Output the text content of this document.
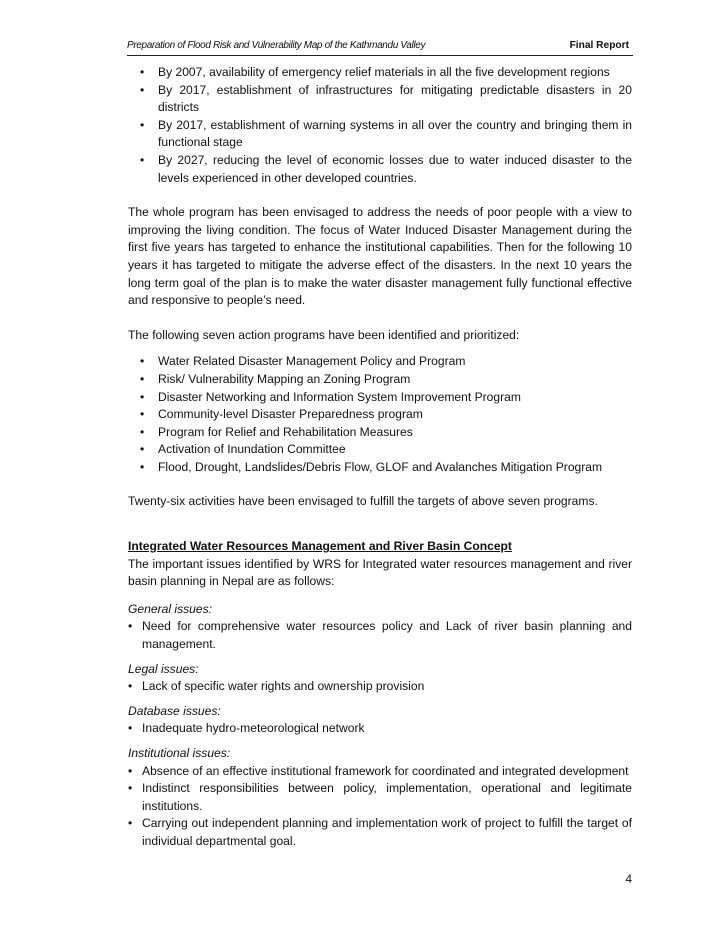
Preparation of Flood Risk and Vulnerability Map of the Kathmandu Valley	Final Report
• By 2007, availability of emergency relief materials in all the five development regions
• By 2017, establishment of infrastructures for mitigating predictable disasters in 20 districts
• By 2017, establishment of warning systems in all over the country and bringing them in functional stage
• By 2027, reducing the level of economic losses due to water induced disaster to the levels experienced in other developed countries.

The whole program has been envisaged to address the needs of poor people with a view to improving the living condition. The focus of Water Induced Disaster Management during the first five years has targeted to enhance the institutional capabilities. Then for the following 10 years it has targeted to mitigate the adverse effect of the disasters. In the next 10 years the long term goal of the plan is to make the water disaster management fully functional effective and responsive to people’s need.

The following seven action programs have been identified and prioritized:

• Water Related Disaster Management Policy and Program
• Risk/ Vulnerability Mapping an Zoning Program
• Disaster Networking and Information System Improvement Program
• Community-level Disaster Preparedness program
• Program for Relief and Rehabilitation Measures
• Activation of Inundation Committee
• Flood, Drought, Landslides/Debris Flow, GLOF and Avalanches Mitigation Program

Twenty-six activities have been envisaged to fulfill the targets of above seven programs.

Integrated Water Resources Management and River Basin Concept

The important issues identified by WRS for Integrated water resources management and river basin planning in Nepal are as follows:

General issues:
• Need for comprehensive water resources policy and Lack of river basin planning and management.
Legal issues:
• Lack of specific water rights and ownership provision
Database issues:
• Inadequate hydro-meteorological network
Institutional issues:
• Absence of an effective institutional framework for coordinated and integrated development
• Indistinct responsibilities between policy, implementation, operational and legitimate institutions.
• Carrying out independent planning and implementation work of project to fulfill the target of individual departmental goal.
4
